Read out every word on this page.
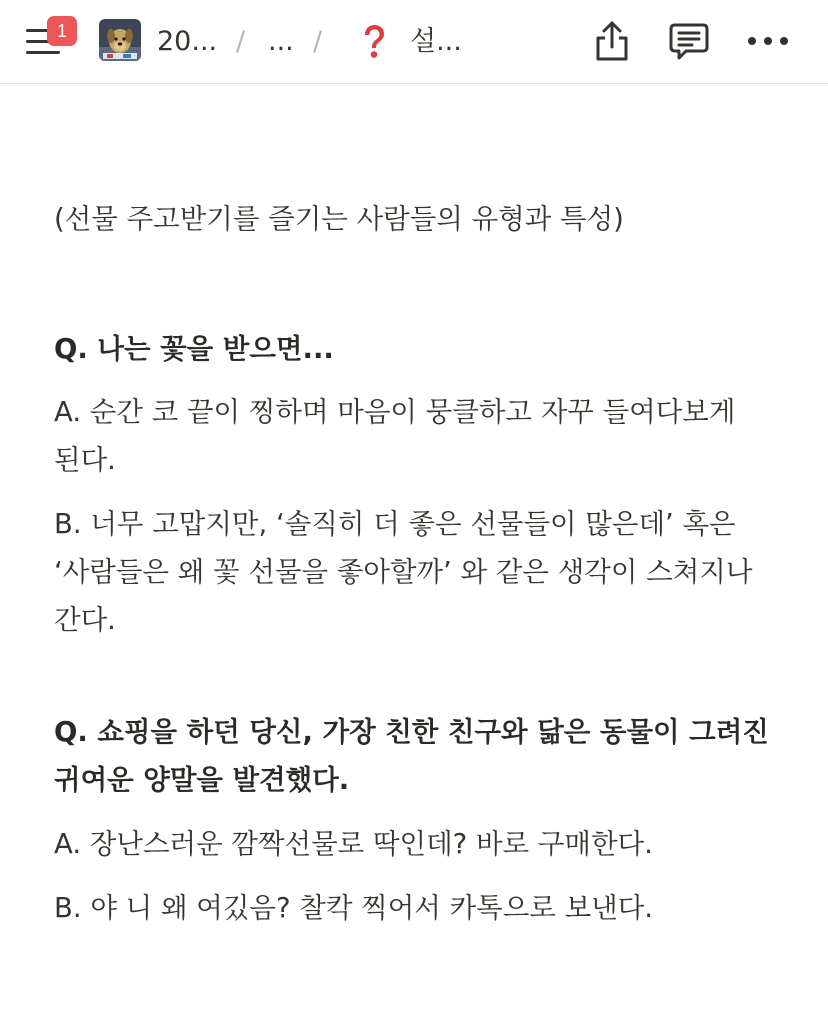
1	20... / ... /	설...

(선물 주고받기를 즐기는 사람들의 유형과 특성)

Q. 나는 꽃을 받으면...

A. 순간 코 끝이 찡하며 마음이 뭉클하고 자꾸 들여다보게

된다.

B. 너무 고맙지만, ‘솔직히 더 좋은 선물들이 많은데’ 혹은

‘사람들은 왜 꽃 선물을 좋아할까’ 와 같은 생각이 스쳐지나

간다.

Q. 쇼핑을 하던 당신, 가장 친한 친구와 닮은 동물이 그려진

귀여운 양말을 발견했다.

A. 장난스러운 깜짝선물로 딱인데? 바로 구매한다.

B. 야 니 왜 여깄음? 찰칵 찍어서 카톡으로 보낸다.
